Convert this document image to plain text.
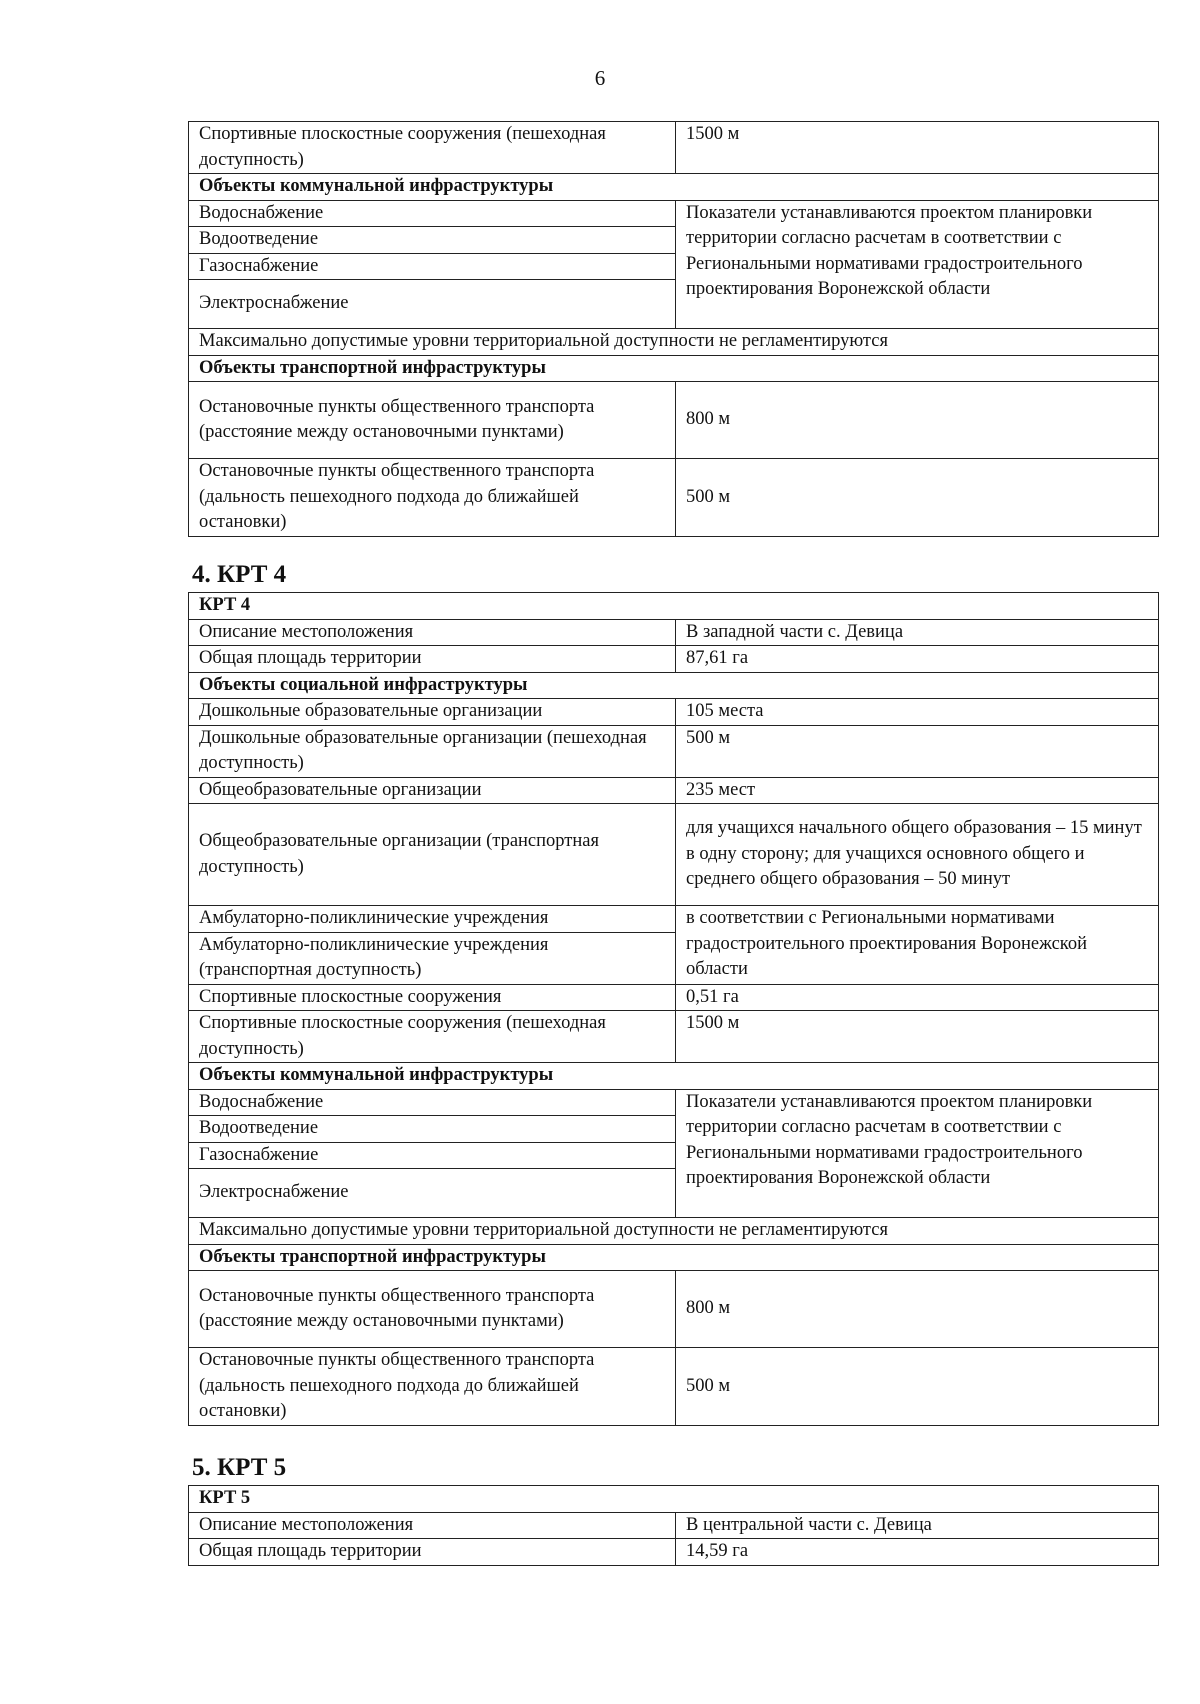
6
Спортивные плоскостные сооружения (пешеходная доступность)	1500 м
Объекты коммунальной инфраструктуры	
Водоснабжение	Показатели устанавливаются проектом планировки территории согласно расчетам в соответствии с Региональными нормативами градостроительного проектирования Воронежской области
Водоотведение	
Газоснабжение	
Электроснабжение	
Максимально допустимые уровни территориальной доступности не регламентируются	
Объекты транспортной инфраструктуры	
Остановочные пункты общественного транспорта (расстояние между остановочными пунктами)	800 м
Остановочные пункты общественного транспорта (дальность пешеходного подхода до ближайшей остановки)	500 м
4. КРТ 4
КРТ 4	
Описание местоположения	В западной части с. Девица
Общая площадь территории	87,61 га
Объекты социальной инфраструктуры	
Дошкольные образовательные организации	105 места
Дошкольные образовательные организации (пешеходная доступность)	500 м
Общеобразовательные организации	235 мест
Общеобразовательные организации (транспортная доступность)	для учащихся начального общего образования – 15 минут в одну сторону; для учащихся основного общего и среднего общего образования – 50 минут
Амбулаторно-поликлинические учреждения	в соответствии с Региональными нормативами градостроительного проектирования Воронежской области
Амбулаторно-поликлинические учреждения (транспортная доступность)	
Спортивные плоскостные сооружения	0,51 га
Спортивные плоскостные сооружения (пешеходная доступность)	1500 м
Объекты коммунальной инфраструктуры	
Водоснабжение	Показатели устанавливаются проектом планировки территории согласно расчетам в соответствии с Региональными нормативами градостроительного проектирования Воронежской области
Водоотведение	
Газоснабжение	
Электроснабжение	
Максимально допустимые уровни территориальной доступности не регламентируются	
Объекты транспортной инфраструктуры	
Остановочные пункты общественного транспорта (расстояние между остановочными пунктами)	800 м
Остановочные пункты общественного транспорта (дальность пешеходного подхода до ближайшей остановки)	500 м
5. КРТ 5
КРТ 5	
Описание местоположения	В центральной части с. Девица
Общая площадь территории	14,59 га
